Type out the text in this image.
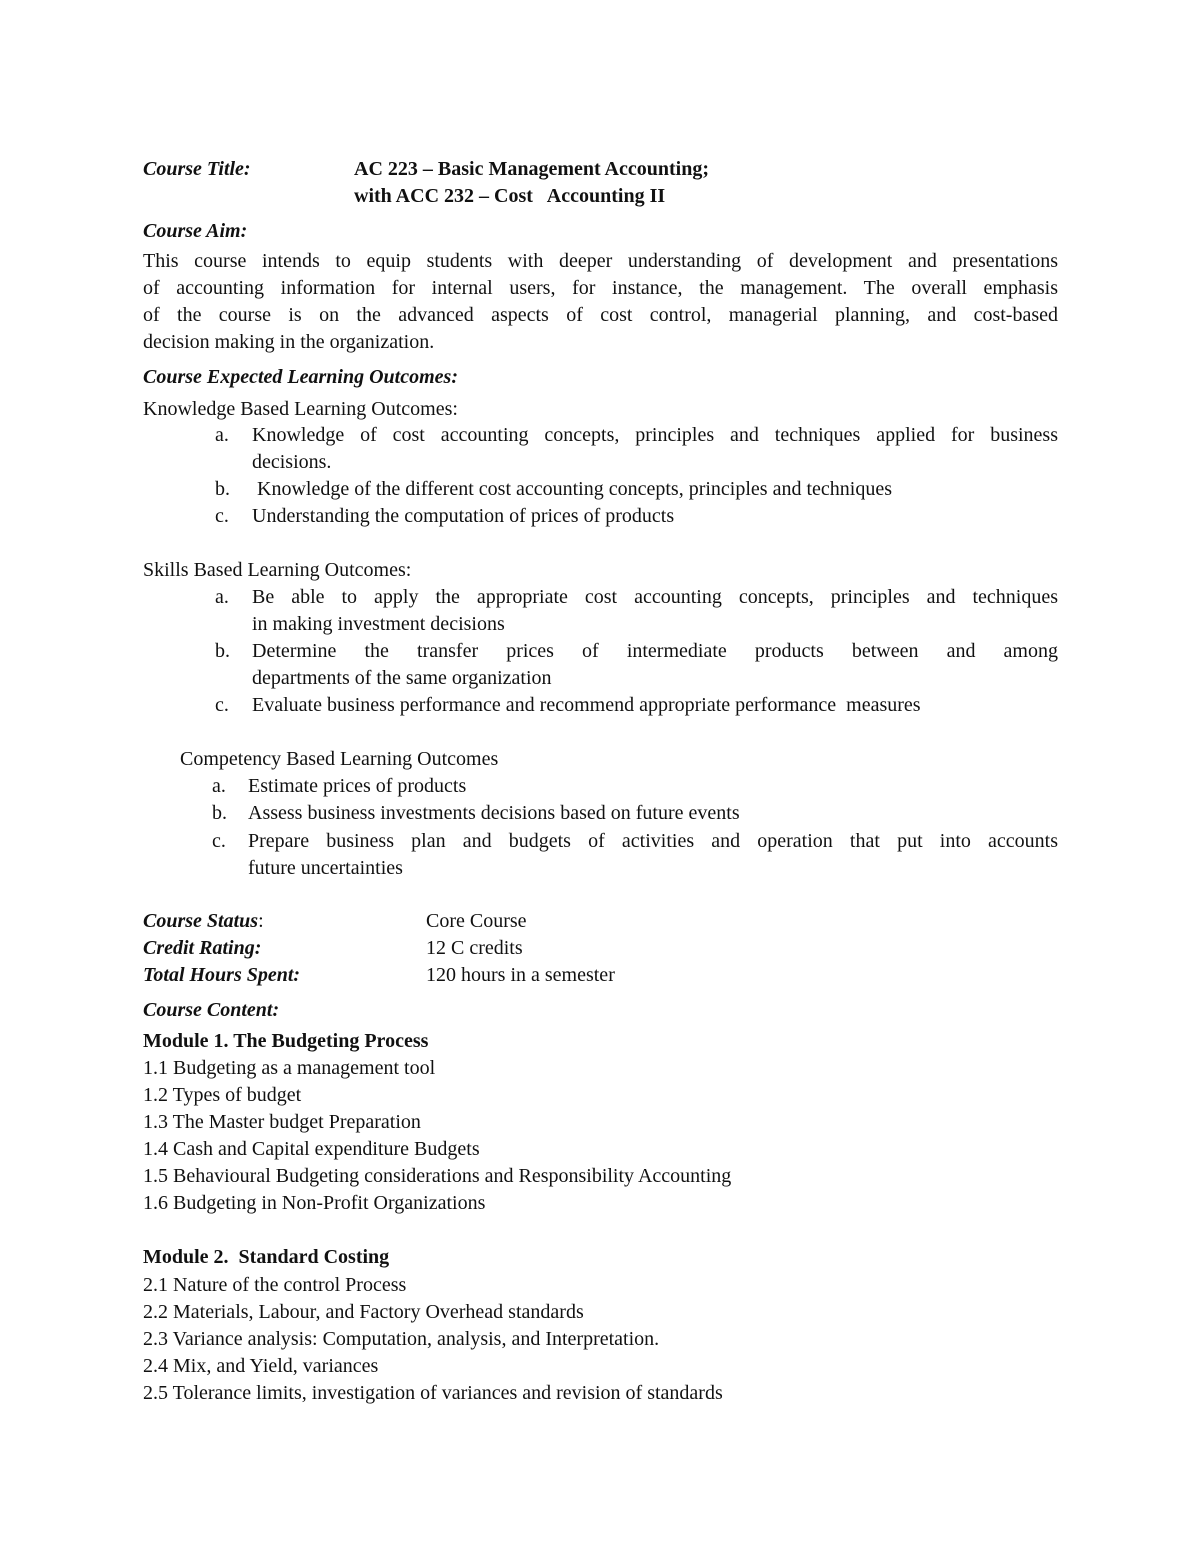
Course Title:	AC 223 – Basic Management Accounting;
with ACC 232 – Cost   Accounting II
Course Aim:
This course intends to equip students with deeper understanding of development and presentations
of accounting information for internal users, for instance, the management. The overall emphasis
of the course is on the advanced aspects of cost control, managerial planning, and cost-based
decision making in the organization.
Course Expected Learning Outcomes:
Knowledge Based Learning Outcomes:
a. Knowledge of cost accounting concepts, principles and techniques applied for business
decisions.
b. Knowledge of the different cost accounting concepts, principles and techniques
c. Understanding the computation of prices of products
Skills Based Learning Outcomes:
a. Be able to apply the appropriate cost accounting concepts, principles and techniques
in making investment decisions
b. Determine the transfer prices of intermediate products between and among
departments of the same organization
c. Evaluate business performance and recommend appropriate performance  measures
Competency Based Learning Outcomes
a. Estimate prices of products
b. Assess business investments decisions based on future events
c. Prepare business plan and budgets of activities and operation that put into accounts
future uncertainties
Course Status:	Core Course
Credit Rating:	12 C credits
Total Hours Spent:	120 hours in a semester
Course Content:
Module 1. The Budgeting Process
1.1 Budgeting as a management tool
1.2 Types of budget
1.3 The Master budget Preparation
1.4 Cash and Capital expenditure Budgets
1.5 Behavioural Budgeting considerations and Responsibility Accounting
1.6 Budgeting in Non-Profit Organizations
Module 2.  Standard Costing
2.1 Nature of the control Process
2.2 Materials, Labour, and Factory Overhead standards
2.3 Variance analysis: Computation, analysis, and Interpretation.
2.4 Mix, and Yield, variances
2.5 Tolerance limits, investigation of variances and revision of standards
